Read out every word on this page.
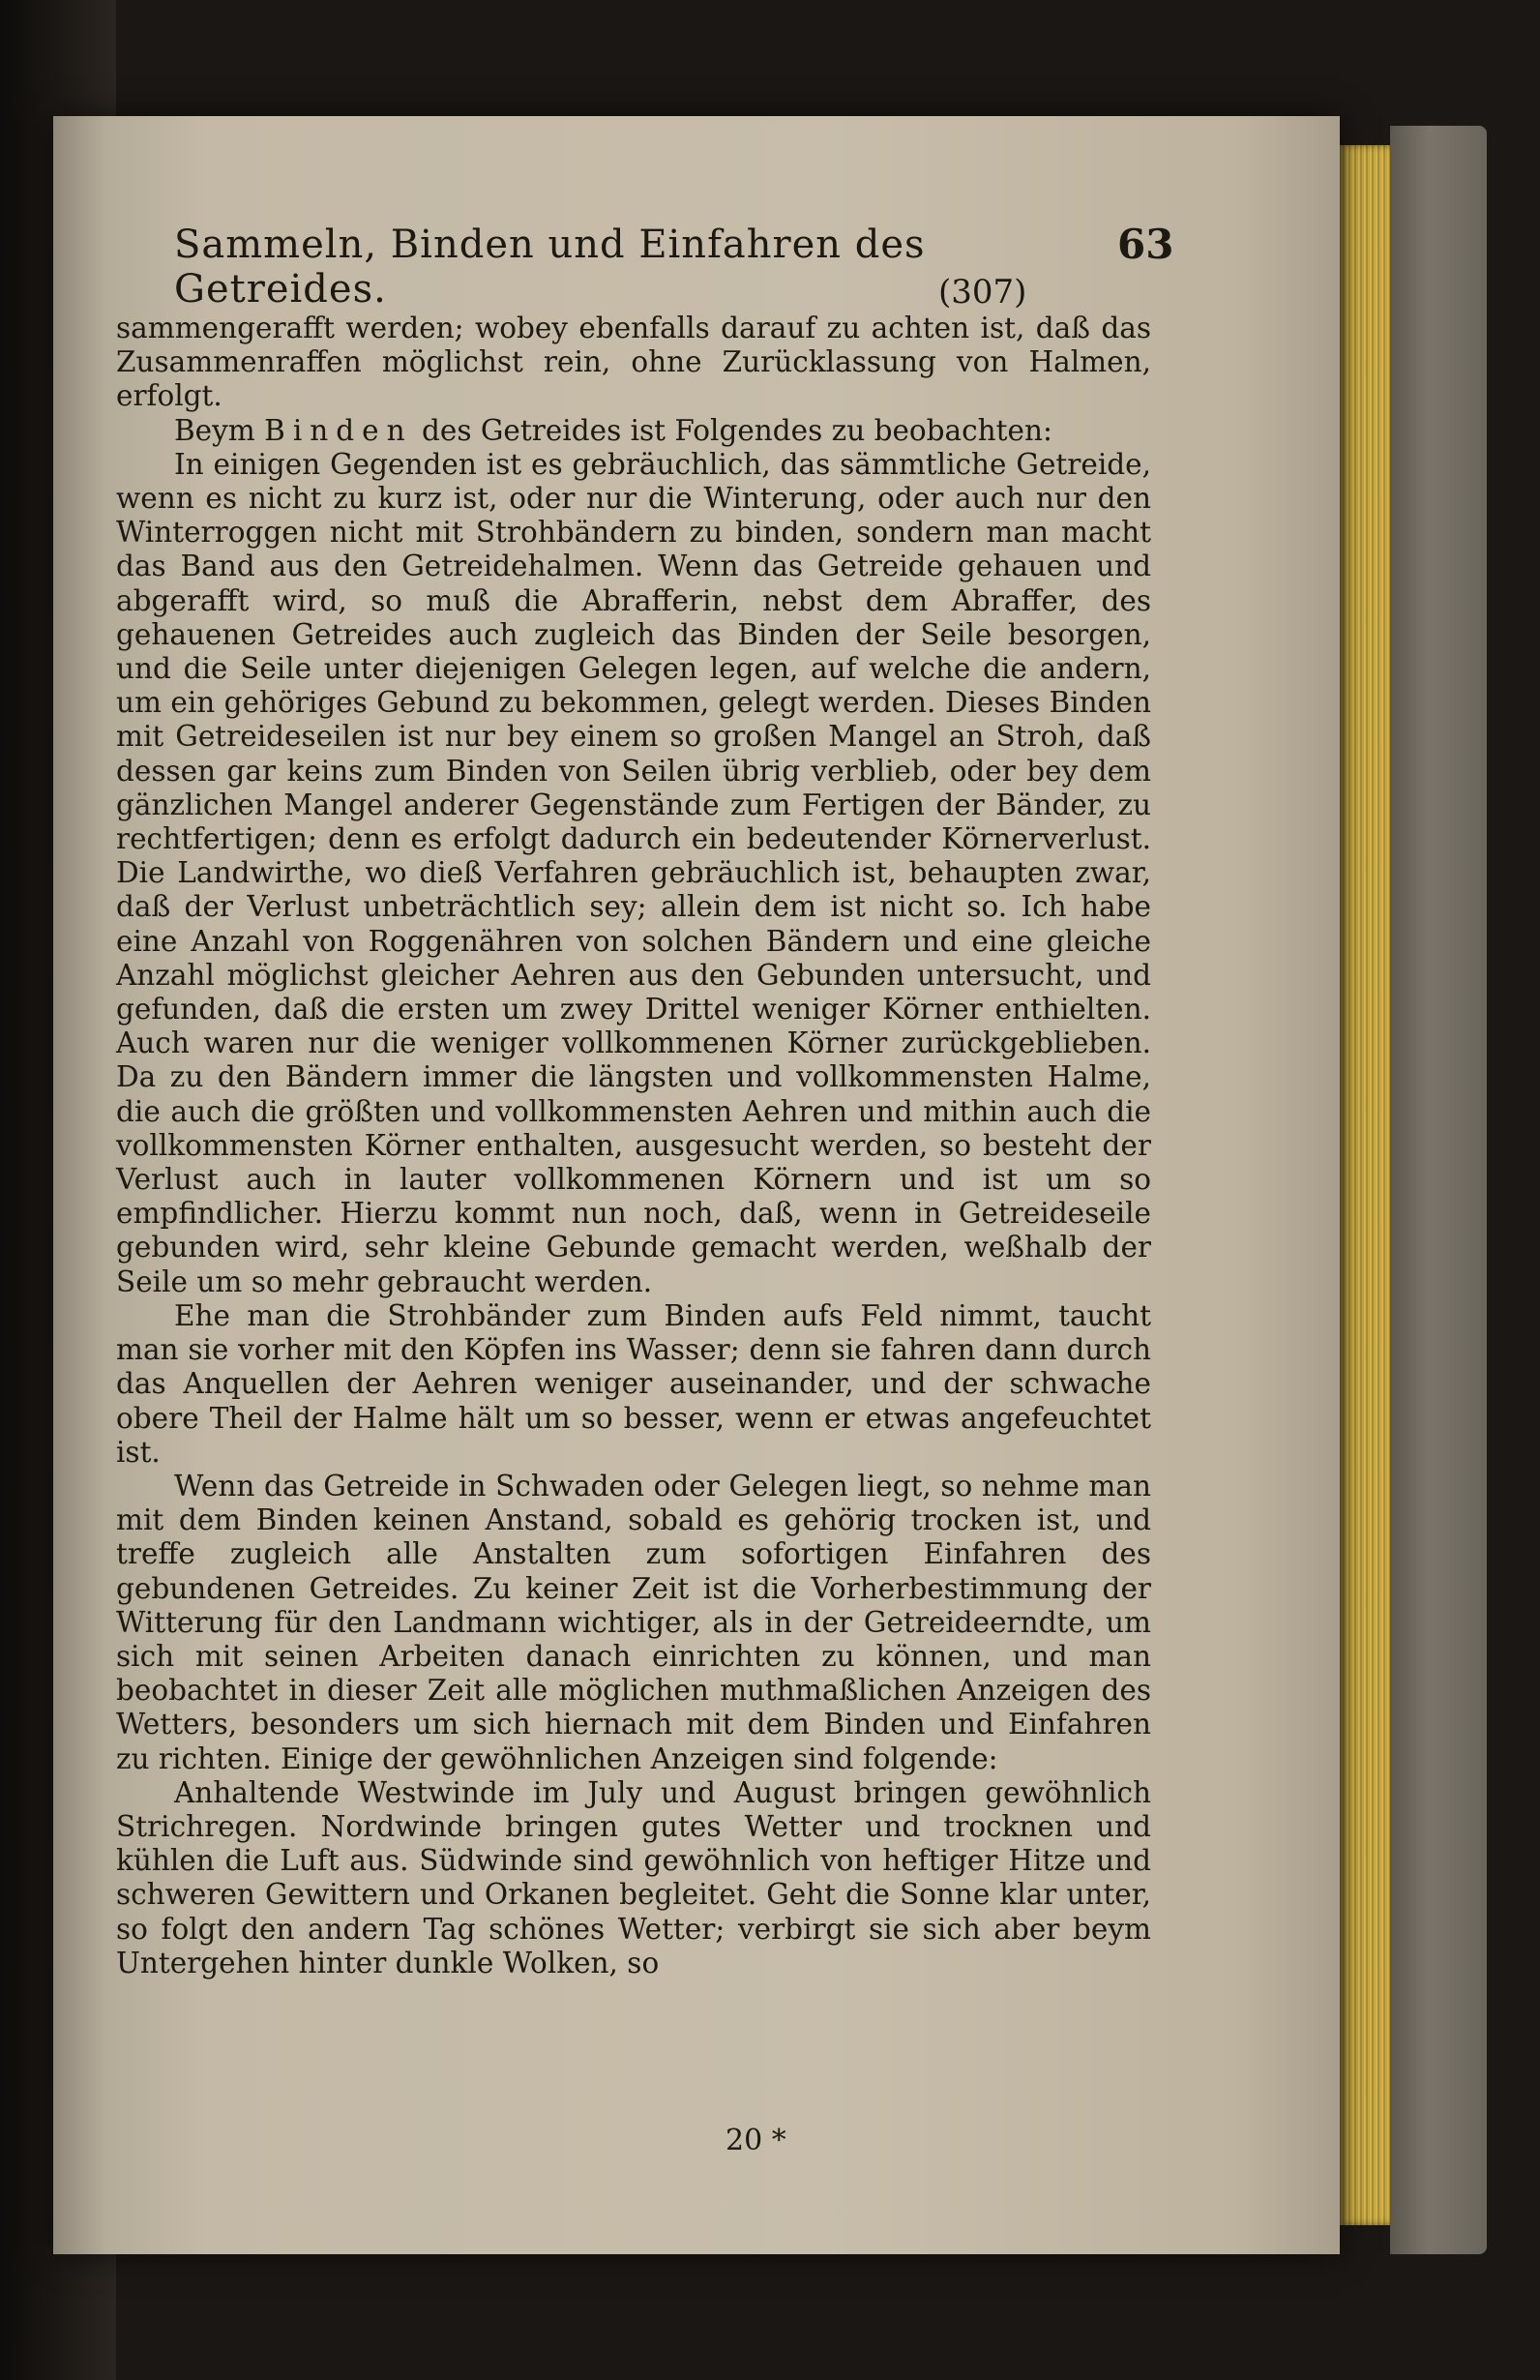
Sammeln, Binden und Einfahren des Getreides.
63
(307)

sammengerafft werden; wobey ebenfalls darauf zu achten ist, daß das Zusammenraffen möglichst rein, ohne Zurücklassung von Halmen, erfolgt.

Beym Binden des Getreides ist Folgendes zu beobachten:

In einigen Gegenden ist es gebräuchlich, das sämmtliche Getreide, wenn es nicht zu kurz ist, oder nur die Winterung, oder auch nur den Winterroggen nicht mit Strohbändern zu binden, sondern man macht das Band aus den Getreidehalmen. Wenn das Getreide gehauen und abgerafft wird, so muß die Abrafferin, nebst dem Abraffer, des gehauenen Getreides auch zugleich das Binden der Seile besorgen, und die Seile unter diejenigen Gelegen legen, auf welche die andern, um ein gehöriges Gebund zu bekommen, gelegt werden. Dieses Binden mit Getreideseilen ist nur bey einem so großen Mangel an Stroh, daß dessen gar keins zum Binden von Seilen übrig verblieb, oder bey dem gänzlichen Mangel anderer Gegenstände zum Fertigen der Bänder, zu rechtfertigen; denn es erfolgt dadurch ein bedeutender Körnerverlust. Die Landwirthe, wo dieß Verfahren gebräuchlich ist, behaupten zwar, daß der Verlust unbeträchtlich sey; allein dem ist nicht so. Ich habe eine Anzahl von Roggenähren von solchen Bändern und eine gleiche Anzahl möglichst gleicher Aehren aus den Gebunden untersucht, und gefunden, daß die ersten um zwey Drittel weniger Körner enthielten. Auch waren nur die weniger vollkommenen Körner zurückgeblieben. Da zu den Bändern immer die längsten und vollkommensten Halme, die auch die größten und vollkommensten Aehren und mithin auch die vollkommensten Körner enthalten, ausgesucht werden, so besteht der Verlust auch in lauter vollkommenen Körnern und ist um so empfindlicher. Hierzu kommt nun noch, daß, wenn in Getreideseile gebunden wird, sehr kleine Gebunde gemacht werden, weßhalb der Seile um so mehr gebraucht werden.

Ehe man die Strohbänder zum Binden aufs Feld nimmt, taucht man sie vorher mit den Köpfen ins Wasser; denn sie fahren dann durch das Anquellen der Aehren weniger auseinander, und der schwache obere Theil der Halme hält um so besser, wenn er etwas angefeuchtet ist.

Wenn das Getreide in Schwaden oder Gelegen liegt, so nehme man mit dem Binden keinen Anstand, sobald es gehörig trocken ist, und treffe zugleich alle Anstalten zum sofortigen Einfahren des gebundenen Getreides. Zu keiner Zeit ist die Vorherbestimmung der Witterung für den Landmann wichtiger, als in der Getreideerndte, um sich mit seinen Arbeiten danach einrichten zu können, und man beobachtet in dieser Zeit alle möglichen muthmaßlichen Anzeigen des Wetters, besonders um sich hiernach mit dem Binden und Einfahren zu richten. Einige der gewöhnlichen Anzeigen sind folgende:

Anhaltende Westwinde im July und August bringen gewöhnlich Strichregen. Nordwinde bringen gutes Wetter und trocknen und kühlen die Luft aus. Südwinde sind gewöhnlich von heftiger Hitze und schweren Gewittern und Orkanen begleitet. Geht die Sonne klar unter, so folgt den andern Tag schönes Wetter; verbirgt sie sich aber beym Untergehen hinter dunkle Wolken, so

20 *
